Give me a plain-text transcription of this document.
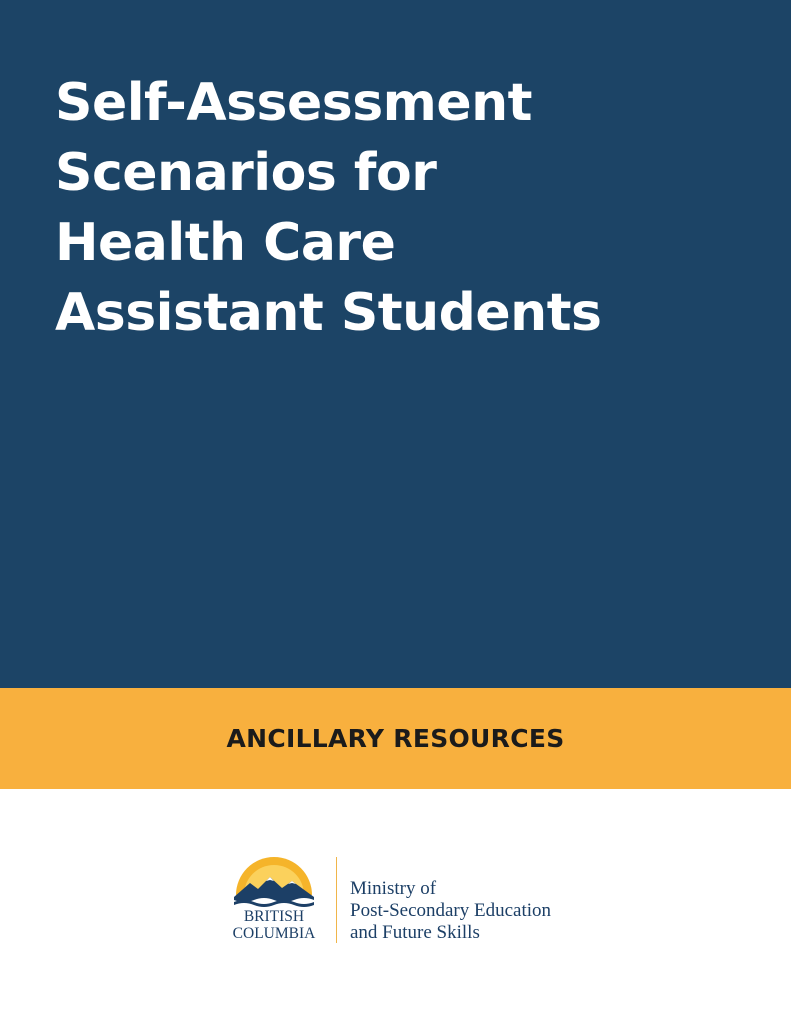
Self-Assessment
Scenarios for
Health Care
Assistant Students
ANCILLARY RESOURCES
BRITISH
COLUMBIA
Ministry of
Post-Secondary Education
and Future Skills
